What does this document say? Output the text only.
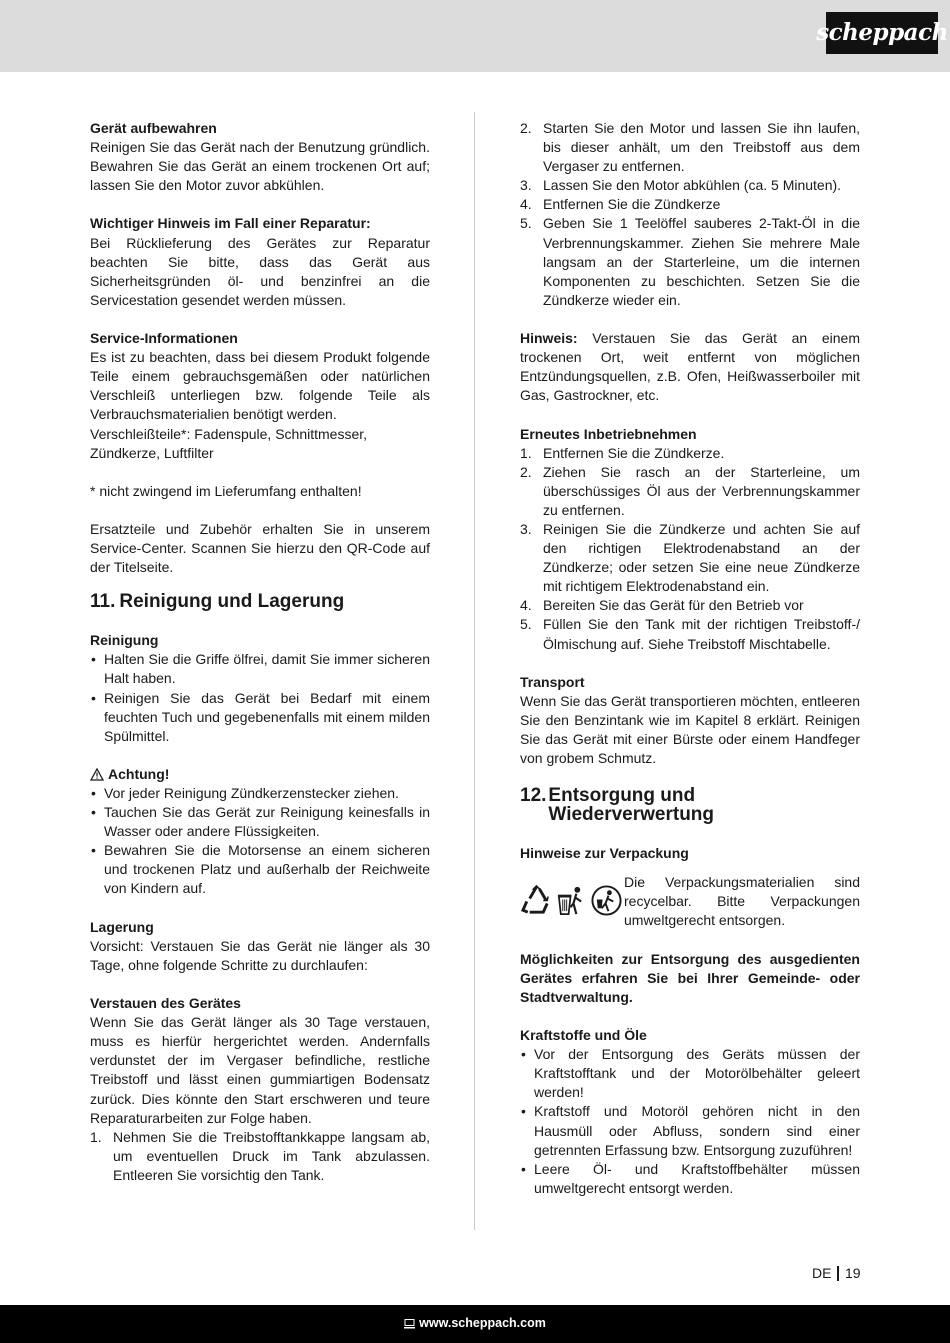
scheppach

Gerät aufbewahren

Reinigen Sie das Gerät nach der Benutzung gründlich. Bewahren Sie das Gerät an einem trockenen Ort auf; lassen Sie den Motor zuvor abkühlen.

Wichtiger Hinweis im Fall einer Reparatur:

Bei Rücklieferung des Gerätes zur Reparatur beachten Sie bitte, dass das Gerät aus Sicherheitsgründen öl- und benzinfrei an die Servicestation gesendet werden müssen.

Service-Informationen

Es ist zu beachten, dass bei diesem Produkt folgende Teile einem gebrauchsgemäßen oder natürlichen Verschleiß unterliegen bzw. folgende Teile als Verbrauchsmaterialien benötigt werden.

Verschleißteile*: Fadenspule, Schnittmesser, Zündkerze, Luftfilter

* nicht zwingend im Lieferumfang enthalten!

Ersatzteile und Zubehör erhalten Sie in unserem Service-Center. Scannen Sie hierzu den QR-Code auf der Titelseite.

11. Reinigung und Lagerung

Reinigung

• Halten Sie die Griffe ölfrei, damit Sie immer sicheren Halt haben.
• Reinigen Sie das Gerät bei Bedarf mit einem feuchten Tuch und gegebenenfalls mit einem milden Spülmittel.
Achtung!
• Vor jeder Reinigung Zündkerzenstecker ziehen.
• Tauchen Sie das Gerät zur Reinigung keinesfalls in Wasser oder andere Flüssigkeiten.
• Bewahren Sie die Motorsense an einem sicheren und trockenen Platz und außerhalb der Reichweite von Kindern auf.

Lagerung

Vorsicht: Verstauen Sie das Gerät nie länger als 30 Tage, ohne folgende Schritte zu durchlaufen:

Verstauen des Gerätes

Wenn Sie das Gerät länger als 30 Tage verstauen, muss es hierfür hergerichtet werden. Andernfalls verdunstet der im Vergaser befindliche, restliche Treibstoff und lässt einen gummiartigen Bodensatz zurück. Dies könnte den Start erschweren und teure Reparaturarbeiten zur Folge haben.

1. Nehmen Sie die Treibstofftankkappe langsam ab, um eventuellen Druck im Tank abzulassen. Entleeren Sie vorsichtig den Tank.
2. Starten Sie den Motor und lassen Sie ihn laufen, bis dieser anhält, um den Treibstoff aus dem Vergaser zu entfernen.
3. Lassen Sie den Motor abkühlen (ca. 5 Minuten).
4. Entfernen Sie die Zündkerze
5. Geben Sie 1 Teelöffel sauberes 2-Takt-Öl in die Verbrennungskammer. Ziehen Sie mehrere Male langsam an der Starterleine, um die internen Komponenten zu beschichten. Setzen Sie die Zündkerze wieder ein.

Hinweis: Verstauen Sie das Gerät an einem trockenen Ort, weit entfernt von möglichen Entzündungsquellen, z.B. Ofen, Heißwasserboiler mit Gas, Gastrockner, etc.

Erneutes Inbetriebnehmen

1. Entfernen Sie die Zündkerze.
2. Ziehen Sie rasch an der Starterleine, um überschüssiges Öl aus der Verbrennungskammer zu entfernen.
3. Reinigen Sie die Zündkerze und achten Sie auf den richtigen Elektrodenabstand an der Zündkerze; oder setzen Sie eine neue Zündkerze mit richtigem Elektrodenabstand ein.
4. Bereiten Sie das Gerät für den Betrieb vor
5. Füllen Sie den Tank mit der richtigen Treibstoff-/ Ölmischung auf. Siehe Treibstoff Mischtabelle.

Transport

Wenn Sie das Gerät transportieren möchten, entleeren Sie den Benzintank wie im Kapitel 8 erklärt. Reinigen Sie das Gerät mit einer Bürste oder einem Handfeger von grobem Schmutz.

12. Entsorgung und
Wiederverwertung

Hinweise zur Verpackung

Die Verpackungsmaterialien sind recycelbar. Bitte Verpackungen umweltgerecht entsorgen.

Möglichkeiten zur Entsorgung des ausgedienten Gerätes erfahren Sie bei Ihrer Gemeinde- oder Stadtverwaltung.

Kraftstoffe und Öle

• Vor der Entsorgung des Geräts müssen der Kraftstofftank und der Motorölbehälter geleert werden!
• Kraftstoff und Motoröl gehören nicht in den Hausmüll oder Abfluss, sondern sind einer getrennten Erfassung bzw. Entsorgung zuzuführen!
• Leere Öl- und Kraftstoffbehälter müssen umweltgerecht entsorgt werden.
DE 19
www.scheppach.com
